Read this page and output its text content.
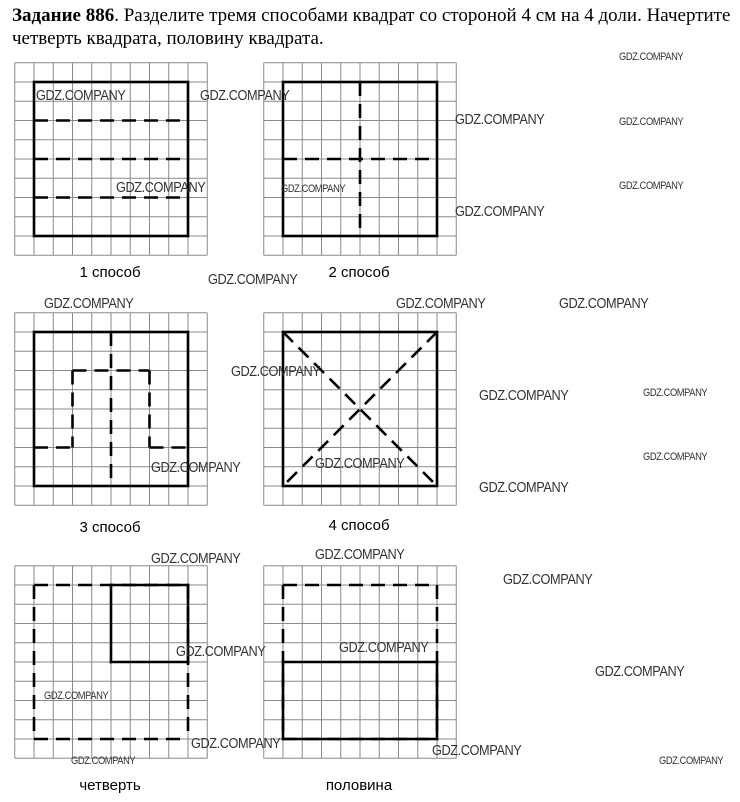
Задание 886. Разделите тремя способами квадрат со стороной 4 см на 4 доли. Начертите четверть квадрата, половину квадрата.

1 способ	2 способ
3 способ	4 способ
четверть	половина
GDZ.COMPANY	GDZ.COMPANY
GDZ.COMPANY
GDZ.COMPANY
GDZ.COMPANY
GDZ.COMPANY
GDZ.COMPANY	GDZ.COMPANY
GDZ.COMPANY
GDZ.COMPANY
GDZ.COMPANY	GDZ.COMPANY	GDZ.COMPANY
GDZ.COMPANY
GDZ.COMPANY	GDZ.COMPANY
GDZ.COMPANY
GDZ.COMPANY	GDZ.COMPANY
GDZ.COMPANY
GDZ.COMPANY	GDZ.COMPANY
GDZ.COMPANY
GDZ.COMPANY	GDZ.COMPANY
GDZ.COMPANY
GDZ.COMPANY
GDZ.COMPANY	GDZ.COMPANY
GDZ.COMPANY	GDZ.COMPANY
